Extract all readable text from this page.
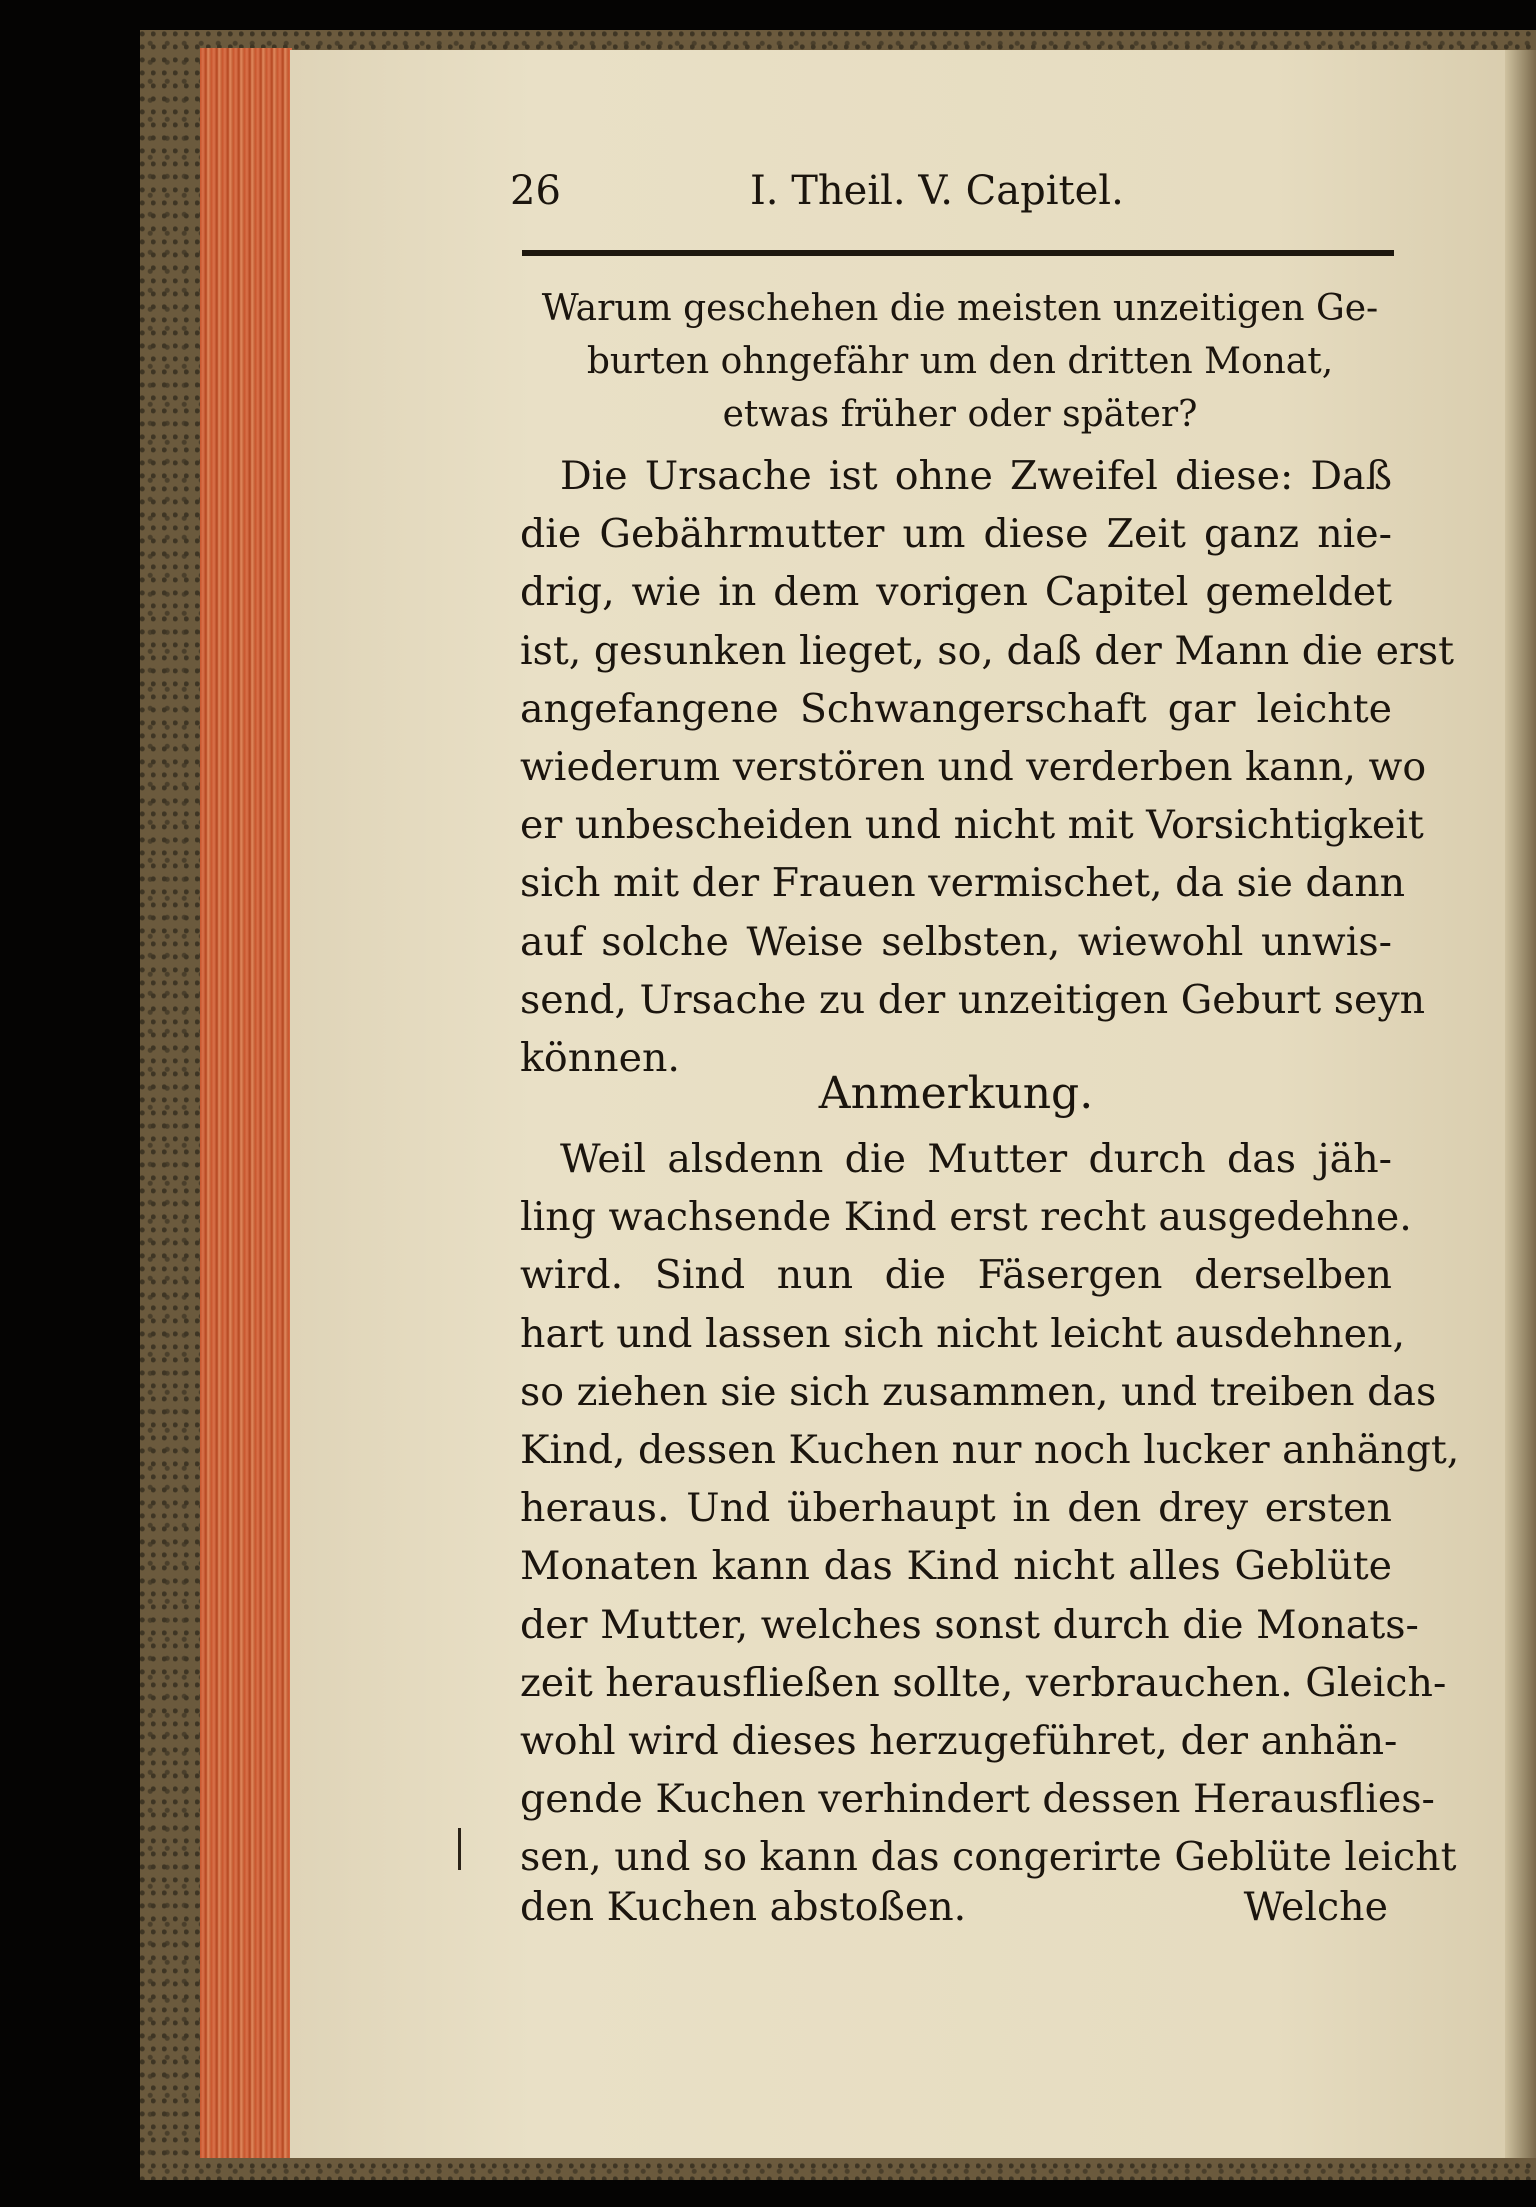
26	I. Theil. V. Capitel.
Warum geschehen die meisten unzeitigen Ge-
burten ohngefähr um den dritten Monat,
etwas früher oder später?
Die Ursache ist ohne Zweifel diese: Daß
die Gebährmutter um diese Zeit ganz nie-
drig, wie in dem vorigen Capitel gemeldet
ist, gesunken lieget, so, daß der Mann die erst
angefangene Schwangerschaft gar leichte
wiederum verstören und verderben kann, wo
er unbescheiden und nicht mit Vorsichtigkeit
sich mit der Frauen vermischet, da sie dann
auf solche Weise selbsten, wiewohl unwis-
send, Ursache zu der unzeitigen Geburt seyn
können.
Anmerkung.
Weil alsdenn die Mutter durch das jäh-
ling wachsende Kind erst recht ausgedehne.
wird. Sind nun die Fäsergen derselben
hart und lassen sich nicht leicht ausdehnen,
so ziehen sie sich zusammen, und treiben das
Kind, dessen Kuchen nur noch lucker anhängt,
heraus. Und überhaupt in den drey ersten
Monaten kann das Kind nicht alles Geblüte
der Mutter, welches sonst durch die Monats-
zeit herausfließen sollte, verbrauchen. Gleich-
wohl wird dieses herzugeführet, der anhän-
gende Kuchen verhindert dessen Herausflies-
sen, und so kann das congerirte Geblüte leicht
den Kuchen abstoßen.	Welche
